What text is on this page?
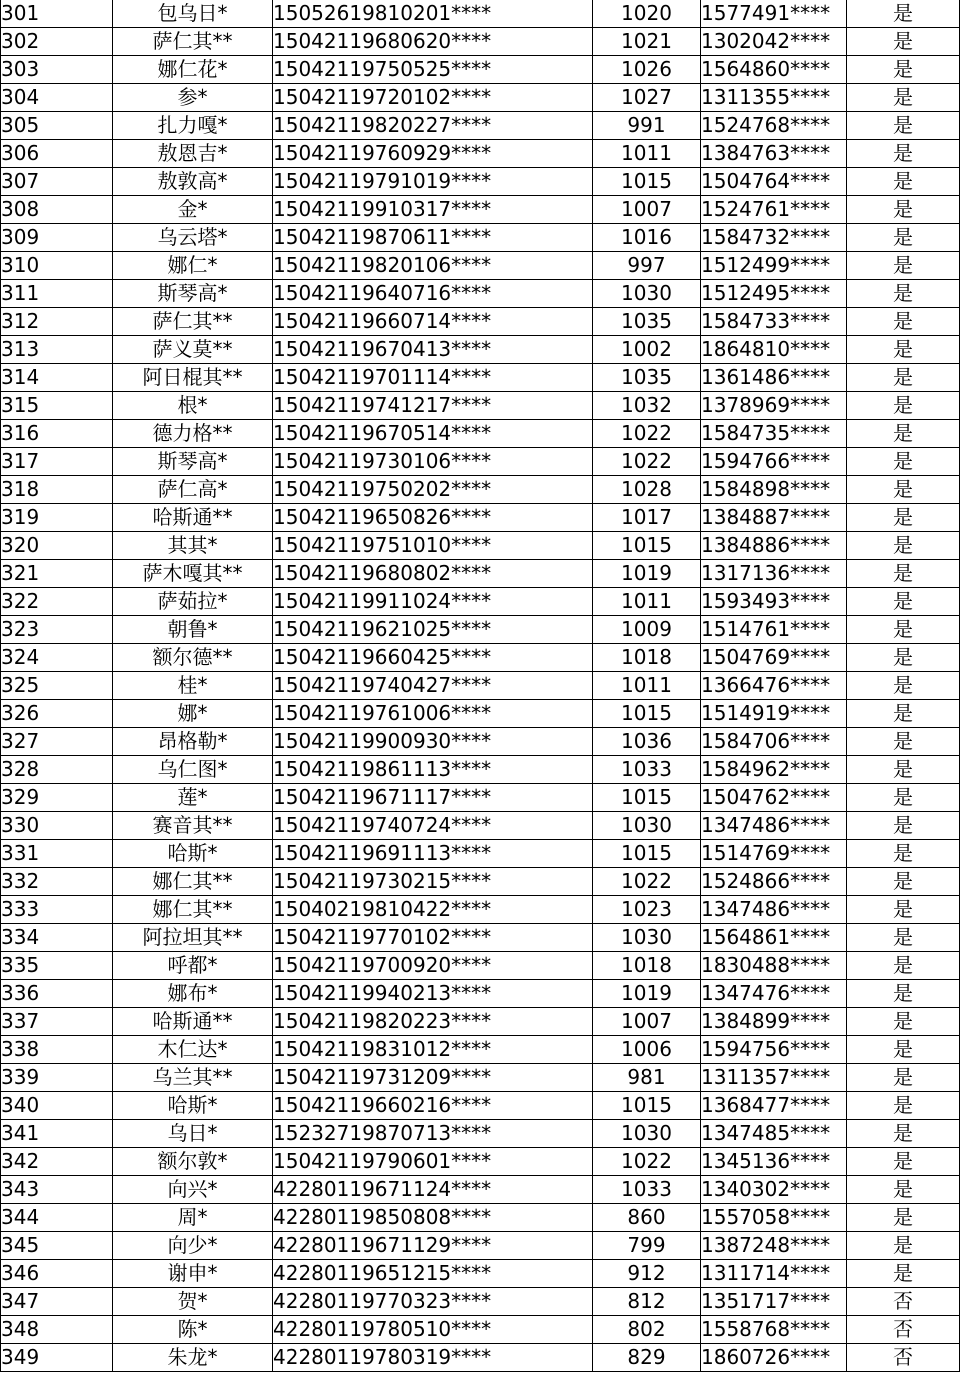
301	包乌日*	15052619810201****	1020	1577491****	是
302	萨仁其**	15042119680620****	1021	1302042****	是
303	娜仁花*	15042119750525****	1026	1564860****	是
304	参*	15042119720102****	1027	1311355****	是
305	扎力嘎*	15042119820227****	991	1524768****	是
306	敖恩吉*	15042119760929****	1011	1384763****	是
307	敖敦高*	15042119791019****	1015	1504764****	是
308	金*	15042119910317****	1007	1524761****	是
309	乌云塔*	15042119870611****	1016	1584732****	是
310	娜仁*	15042119820106****	997	1512499****	是
311	斯琴高*	15042119640716****	1030	1512495****	是
312	萨仁其**	15042119660714****	1035	1584733****	是
313	萨义莫**	15042119670413****	1002	1864810****	是
314	阿日棍其**	15042119701114****	1035	1361486****	是
315	根*	15042119741217****	1032	1378969****	是
316	德力格**	15042119670514****	1022	1584735****	是
317	斯琴高*	15042119730106****	1022	1594766****	是
318	萨仁高*	15042119750202****	1028	1584898****	是
319	哈斯通**	15042119650826****	1017	1384887****	是
320	其其*	15042119751010****	1015	1384886****	是
321	萨木嘎其**	15042119680802****	1019	1317136****	是
322	萨茹拉*	15042119911024****	1011	1593493****	是
323	朝鲁*	15042119621025****	1009	1514761****	是
324	额尔德**	15042119660425****	1018	1504769****	是
325	桂*	15042119740427****	1011	1366476****	是
326	娜*	15042119761006****	1015	1514919****	是
327	昂格勒*	15042119900930****	1036	1584706****	是
328	乌仁图*	15042119861113****	1033	1584962****	是
329	莲*	15042119671117****	1015	1504762****	是
330	赛音其**	15042119740724****	1030	1347486****	是
331	哈斯*	15042119691113****	1015	1514769****	是
332	娜仁其**	15042119730215****	1022	1524866****	是
333	娜仁其**	15040219810422****	1023	1347486****	是
334	阿拉坦其**	15042119770102****	1030	1564861****	是
335	呼都*	15042119700920****	1018	1830488****	是
336	娜布*	15042119940213****	1019	1347476****	是
337	哈斯通**	15042119820223****	1007	1384899****	是
338	木仁达*	15042119831012****	1006	1594756****	是
339	乌兰其**	15042119731209****	981	1311357****	是
340	哈斯*	15042119660216****	1015	1368477****	是
341	乌日*	15232719870713****	1030	1347485****	是
342	额尔敦*	15042119790601****	1022	1345136****	是
343	向兴*	42280119671124****	1033	1340302****	是
344	周*	42280119850808****	860	1557058****	是
345	向少*	42280119671129****	799	1387248****	是
346	谢申*	42280119651215****	912	1311714****	是
347	贺*	42280119770323****	812	1351717****	否
348	陈*	42280119780510****	802	1558768****	否
349	朱龙*	42280119780319****	829	1860726****	否
